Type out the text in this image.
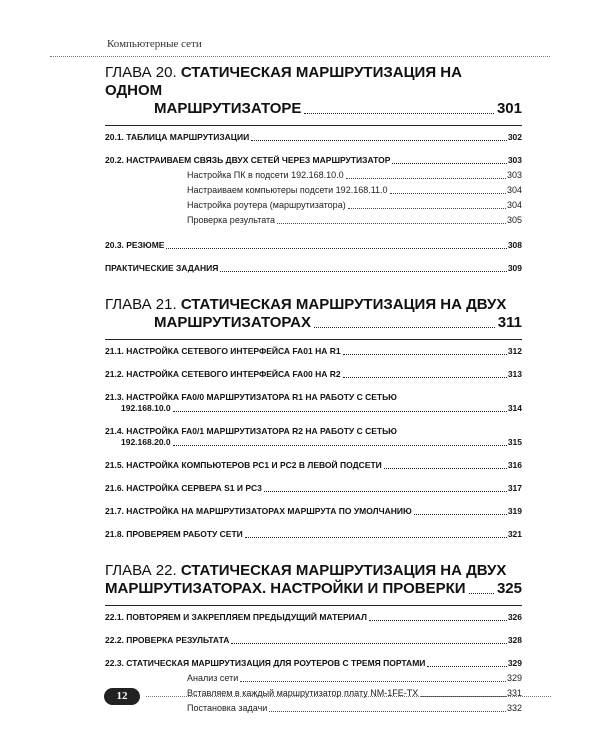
Компьютерные сети
ГЛАВА 20. СТАТИЧЕСКАЯ МАРШРУТИЗАЦИЯ НА ОДНОМ
МАРШРУТИЗАТОРЕ	301
20.1. ТАБЛИЦА МАРШРУТИЗАЦИИ	302
20.2. НАСТРАИВАЕМ СВЯЗЬ ДВУХ СЕТЕЙ ЧЕРЕЗ МАРШРУТИЗАТОР	303
Настройка ПК в подсети 192.168.10.0	303
Настраиваем компьютеры подсети 192.168.11.0	304
Настройка роутера (маршрутизатора)	304
Проверка результата	305
20.3. РЕЗЮМЕ	308
ПРАКТИЧЕСКИЕ ЗАДАНИЯ	309
ГЛАВА 21. СТАТИЧЕСКАЯ МАРШРУТИЗАЦИЯ НА ДВУХ
МАРШРУТИЗАТОРАХ	311
21.1. НАСТРОЙКА СЕТЕВОГО ИНТЕРФЕЙСА FA01 НА R1	312
21.2. НАСТРОЙКА СЕТЕВОГО ИНТЕРФЕЙСА FA00 НА R2	313
21.3. НАСТРОЙКА FA0/0 МАРШРУТИЗАТОРА R1 НА РАБОТУ С СЕТЬЮ
192.168.10.0	314
21.4. НАСТРОЙКА FA0/1 МАРШРУТИЗАТОРА R2 НА РАБОТУ С СЕТЬЮ
192.168.20.0	315
21.5. НАСТРОЙКА КОМПЬЮТЕРОВ PC1 И PC2 В ЛЕВОЙ ПОДСЕТИ	316
21.6. НАСТРОЙКА СЕРВЕРА S1 И PC3	317
21.7. НАСТРОЙКА НА МАРШРУТИЗАТОРАХ МАРШРУТА ПО УМОЛЧАНИЮ	319
21.8. ПРОВЕРЯЕМ РАБОТУ СЕТИ	321
ГЛАВА 22. СТАТИЧЕСКАЯ МАРШРУТИЗАЦИЯ НА ДВУХ
МАРШРУТИЗАТОРАХ. НАСТРОЙКИ И ПРОВЕРКИ 325
22.1. ПОВТОРЯЕМ И ЗАКРЕПЛЯЕМ ПРЕДЫДУЩИЙ МАТЕРИАЛ	326
22.2. ПРОВЕРКА РЕЗУЛЬТАТА	328
22.3. СТАТИЧЕСКАЯ МАРШРУТИЗАЦИЯ ДЛЯ РОУТЕРОВ С ТРЕМЯ ПОРТАМИ	329
Анализ сети	329
Вставляем в каждый маршрутизатор плату NM-1FE-TX	331
Постановка задачи	332
12
